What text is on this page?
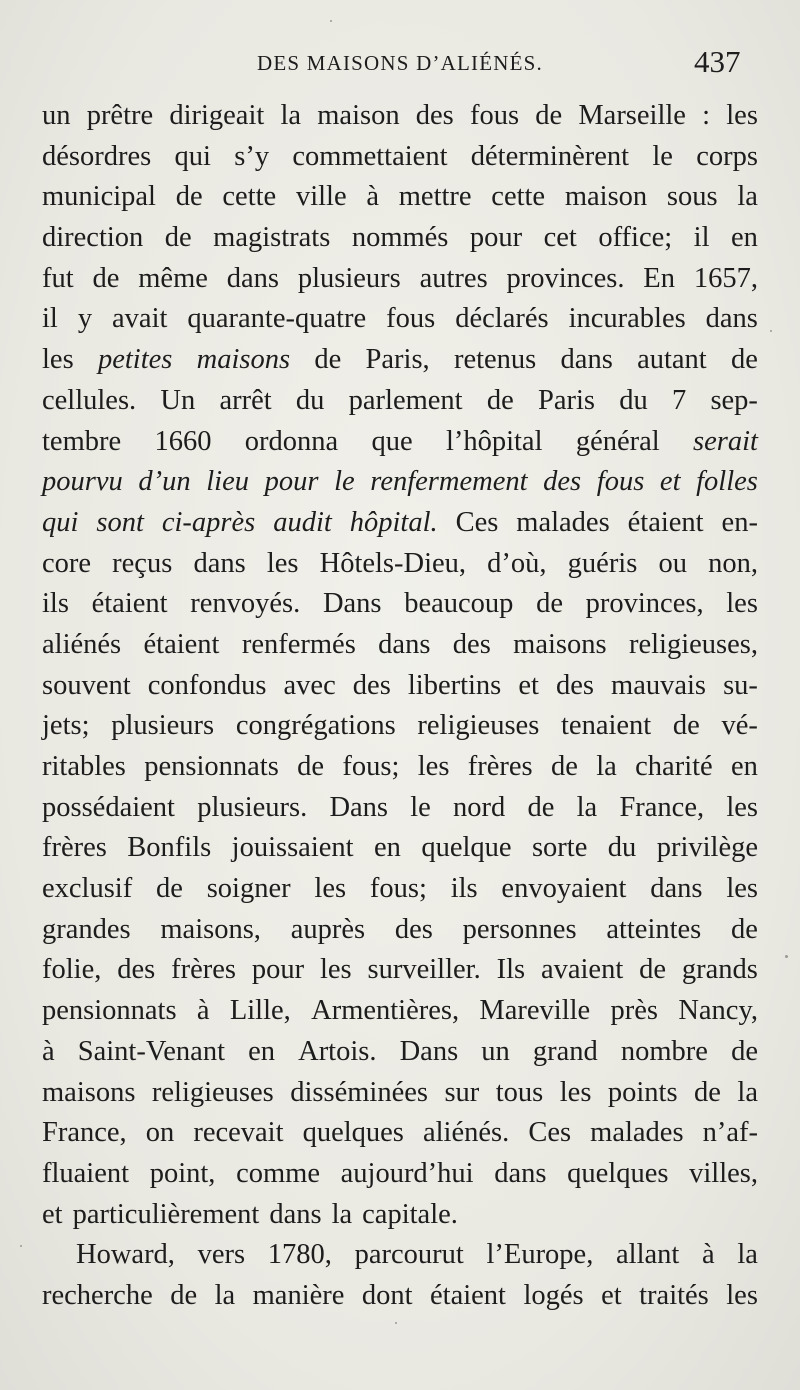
DES MAISONS D’ALIÉNÉS.	437
un prêtre dirigeait la maison des fous de Marseille : les
désordres qui s’y commettaient déterminèrent le corps
municipal de cette ville à mettre cette maison sous la
direction de magistrats nommés pour cet office; il en
fut de même dans plusieurs autres provinces. En 1657,
il y avait quarante-quatre fous déclarés incurables dans
les petites maisons de Paris, retenus dans autant de
cellules. Un arrêt du parlement de Paris du 7 sep-
tembre 1660 ordonna que l’hôpital général serait
pourvu d’un lieu pour le renfermement des fous et folles
qui sont ci-après audit hôpital. Ces malades étaient en-
core reçus dans les Hôtels-Dieu, d’où, guéris ou non,
ils étaient renvoyés. Dans beaucoup de provinces, les
aliénés étaient renfermés dans des maisons religieuses,
souvent confondus avec des libertins et des mauvais su-
jets; plusieurs congrégations religieuses tenaient de vé-
ritables pensionnats de fous; les frères de la charité en
possédaient plusieurs. Dans le nord de la France, les
frères Bonfils jouissaient en quelque sorte du privilège
exclusif de soigner les fous; ils envoyaient dans les
grandes maisons, auprès des personnes atteintes de
folie, des frères pour les surveiller. Ils avaient de grands
pensionnats à Lille, Armentières, Mareville près Nancy,
à Saint-Venant en Artois. Dans un grand nombre de
maisons religieuses disséminées sur tous les points de la
France, on recevait quelques aliénés. Ces malades n’af-
fluaient point, comme aujourd’hui dans quelques villes,
et particulièrement dans la capitale.
Howard, vers 1780, parcourut l’Europe, allant à la
recherche de la manière dont étaient logés et traités les
